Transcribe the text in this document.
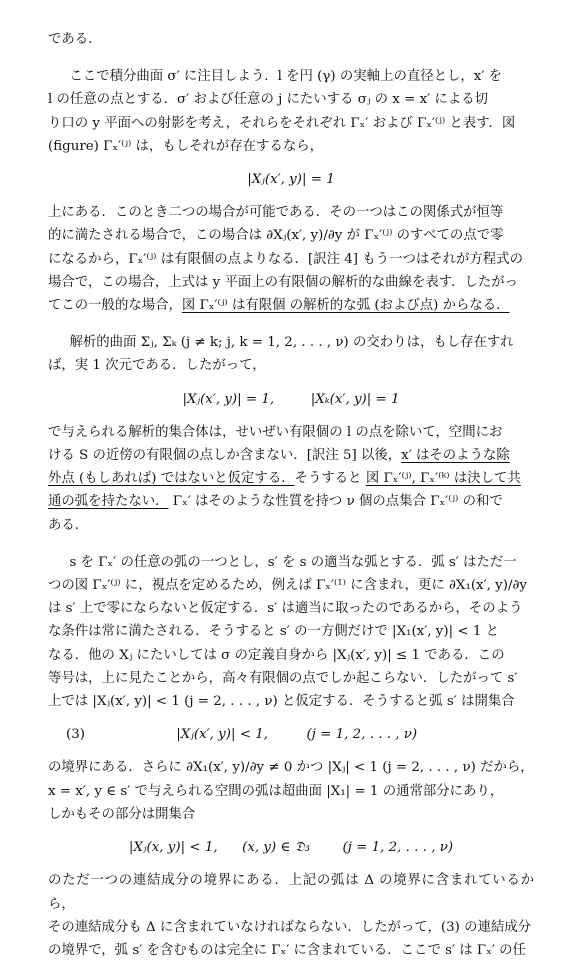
である．

ここで積分曲面 σ′ に注目しよう．l を円 (γ) の実軸上の直径とし，x′ を

l の任意の点とする．σ′ および任意の j にたいする σⱼ の x = x′ による切

り口の y 平面への射影を考え，それらをそれぞれ Γₓ′ および Γₓ′⁽ʲ⁾ と表す．図

(figure) Γₓ′⁽ʲ⁾ は，もしそれが存在するなら，

|Xⱼ(x′, y)| = 1

上にある．このとき二つの場合が可能である．その一つはこの関係式が恒等

的に満たされる場合で，この場合は ∂Xⱼ(x′, y)/∂y が Γₓ′⁽ʲ⁾ のすべての点で零

になるから，Γₓ′⁽ʲ⁾ は有限個の点よりなる．[訳注 4] もう一つはそれが方程式の

場合で，この場合，上式は y 平面上の有限個の解析的な曲線を表す．したがっ

てこの一般的な場合，図 Γₓ′⁽ʲ⁾ は有限個 の解析的な弧 (および点) からなる．

解析的曲面 Σⱼ, Σₖ (j ≠ k; j, k = 1, 2, . . . , ν) の交わりは，もし存在すれ

ば，実 1 次元である．したがって，

|Xⱼ(x′, y)| = 1,	|Xₖ(x′, y)| = 1

で与えられる解析的集合体は，せいぜい有限個の l の点を除いて，空間にお

ける S の近傍の有限個の点しか含まない．[訳注 5] 以後，x′ はそのような除

外点 (もしあれば) ではないと仮定する．そうすると 図 Γₓ′⁽ʲ⁾, Γₓ′⁽ᵏ⁾ は決して共

通の弧を持たない． Γₓ′ はそのような性質を持つ ν 個の点集合 Γₓ′⁽ʲ⁾ の和で

ある．

s を Γₓ′ の任意の弧の一つとし，s′ を s の適当な弧とする．弧 s′ はただ一

つの図 Γₓ′⁽ʲ⁾ に，視点を定めるため，例えば Γₓ′⁽¹⁾ に含まれ，更に ∂X₁(x′, y)/∂y

は s′ 上で零にならないと仮定する．s′ は適当に取ったのであるから，そのよう

な条件は常に満たされる．そうすると s′ の一方側だけで |X₁(x′, y)| < 1 と

なる．他の Xⱼ にたいしては σ の定義自身から |Xⱼ(x′, y)| ≤ 1 である．この

等号は，上に見たことから，高々有限個の点でしか起こらない．したがって s′

上では |Xⱼ(x′, y)| < 1 (j = 2, . . . , ν) と仮定する．そうすると弧 s′ は開集合

(3)	|Xⱼ(x′, y)| < 1,	(j = 1, 2, . . . , ν)

の境界にある．さらに ∂X₁(x′, y)/∂y ≠ 0 かつ |Xⱼ| < 1 (j = 2, . . . , ν) だから，

x = x′, y ∈ s′ で与えられる空間の弧は超曲面 |X₁| = 1 の通常部分にあり，

しかもその部分は開集合

|Xⱼ(x, y)| < 1, (x, y) ∈ 𝔇₃ (j = 1, 2, . . . , ν)

のただ一つの連結成分の境界にある．上記の弧は Δ の境界に含まれているから，

その連結成分も Δ に含まれていなければならない．したがって，(3) の連結成分

の境界で，弧 s′ を含むものは完全に Γₓ′ に含まれている．ここで s′ は Γₓ′ の任
